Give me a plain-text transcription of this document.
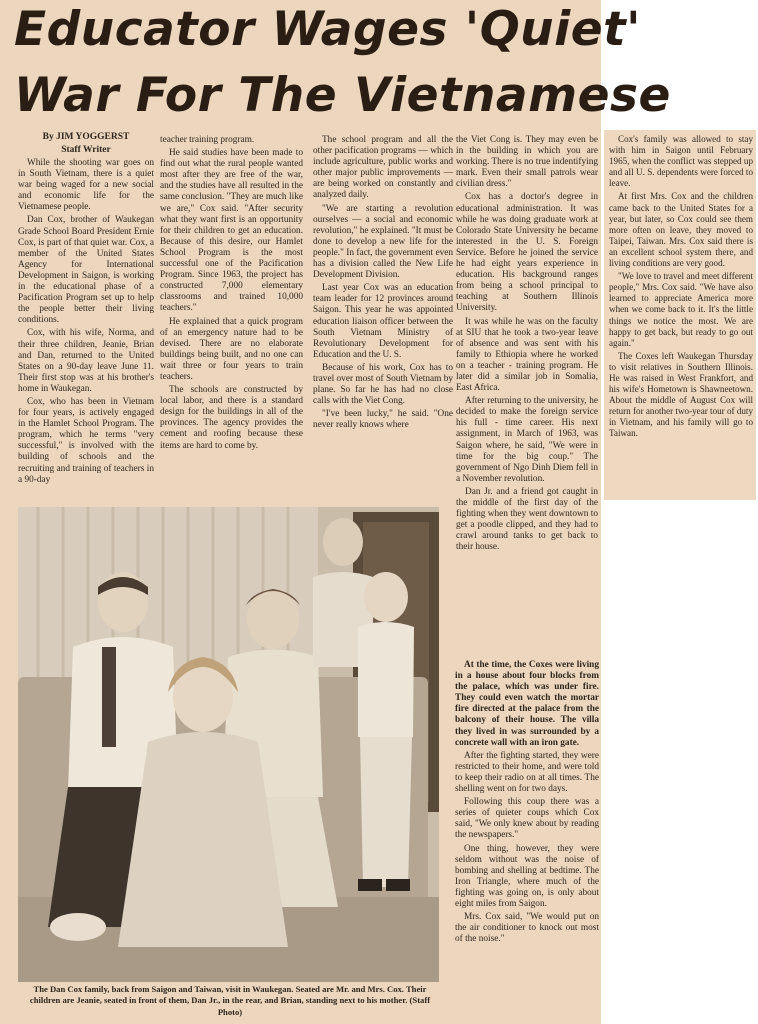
Educator Wages 'Quiet'
War For The Vietnamese

By JIM YOGGERST

Staff Writer

While the shooting war goes on in South Vietnam, there is a quiet war being waged for a new social and economic life for the Vietnamese people.

Dan Cox, brother of Waukegan Grade School Board President Ernie Cox, is part of that quiet war. Cox, a member of the United States Agency for International Development in Saigon, is working in the educational phase of a Pacification Program set up to help the people better their living conditions.

Cox, with his wife, Norma, and their three children, Jeanie, Brian and Dan, returned to the United States on a 90-day leave June 11. Their first stop was at his brother's home in Waukegan.

Cox, who has been in Vietnam for four years, is actively engaged in the Hamlet School Program. The program, which he terms "very successful," is involved with the building of schools and the recruiting and training of teachers in a 90-day

teacher training program.

He said studies have been made to find out what the rural people wanted most after they are free of the war, and the studies have all resulted in the same conclusion. "They are much like we are," Cox said. "After security what they want first is an opportunity for their children to get an education. Because of this desire, our Hamlet School Program is the most successful one of the Pacification Program. Since 1963, the project has constructed 7,000 elementary classrooms and trained 10,000 teachers."

He explained that a quick program of an emergency nature had to be devised. There are no elaborate buildings being built, and no one can wait three or four years to train teachers.

The schools are constructed by local labor, and there is a standard design for the buildings in all of the provinces. The agency provides the cement and roofing because these items are hard to come by.

The school program and all the other pacification programs — which include agriculture, public works and other major public improvements — are being worked on constantly and analyzed daily.

"We are starting a revolution ourselves — a social and economic revolution," he explained. "It must be done to develop a new life for the people." In fact, the government even has a division called the New Life Development Division.

Last year Cox was an education team leader for 12 provinces around Saigon. This year he was appointed education liaison officer between the South Vietnam Ministry of Revolutionary Development for Education and the U. S.

Because of his work, Cox has to travel over most of South Vietnam by plane. So far he has had no close calls with the Viet Cong.

"I've been lucky," he said. "One never really knows where

the Viet Cong is. They may even be in the building in which you are working. There is no true indentifying mark. Even their small patrols wear civilian dress."

Cox has a doctor's degree in educational administration. It was while he was doing graduate work at Colorado State University he became interested in the U. S. Foreign Service. Before he joined the service he had eight years experience in education. His background ranges from being a school principal to teaching at Southern Illinois University.

It was while he was on the faculty at SIU that he took a two-year leave of absence and was sent with his family to Ethiopia where he worked on a teacher - training program. He later did a similar job in Somalia, East Africa.

After returning to the university, he decided to make the foreign service his full - time career. His next assignment, in March of 1963, was Saigon where, he said, "We were in time for the big coup." The government of Ngo Dinh Diem fell in a November revolution.

Dan Jr. and a friend got caught in the middle of the first day of the fighting when they went downtown to get a poodle clipped, and they had to crawl around tanks to get back to their house.

At the time, the Coxes were living in a house about four blocks from the palace, which was under fire. They could even watch the mortar fire directed at the palace from the balcony of their house. The villa they lived in was surrounded by a concrete wall with an iron gate.

After the fighting started, they were restricted to their home, and were told to keep their radio on at all times. The shelling went on for two days.

Following this coup there was a series of quieter coups which Cox said, "We only knew about by reading the newspapers."

One thing, however, they were seldom without was the noise of bombing and shelling at bedtime. The Iron Triangle, where much of the fighting was going on, is only about eight miles from Saigon.

Mrs. Cox said, "We would put on the air conditioner to knock out most of the noise."

The Dan Cox family, back from Saigon and Taiwan, visit in Waukegan. Seated are Mr. and Mrs. Cox. Their children are Jeanie, seated in front of them, Dan Jr., in the rear, and Brian, standing next to his mother. (Staff Photo)

Cox's family was allowed to stay with him in Saigon until February 1965, when the conflict was stepped up and all U. S. dependents were forced to leave.

At first Mrs. Cox and the children came back to the United States for a year, but later, so Cox could see them more often on leave, they moved to Taipei, Taiwan. Mrs. Cox said there is an excellent school system there, and living conditions are very good.

"We love to travel and meet different people," Mrs. Cox said. "We have also learned to appreciate America more when we come back to it. It's the little things we notice the most. We are happy to get back, but ready to go out again."

The Coxes left Waukegan Thursday to visit relatives in Southern Illinois. He was raised in West Frankfort, and his wife's Hometown is Shawneetown. About the middle of August Cox will return for another two-year tour of duty in Vietnam, and his family will go to Taiwan.
